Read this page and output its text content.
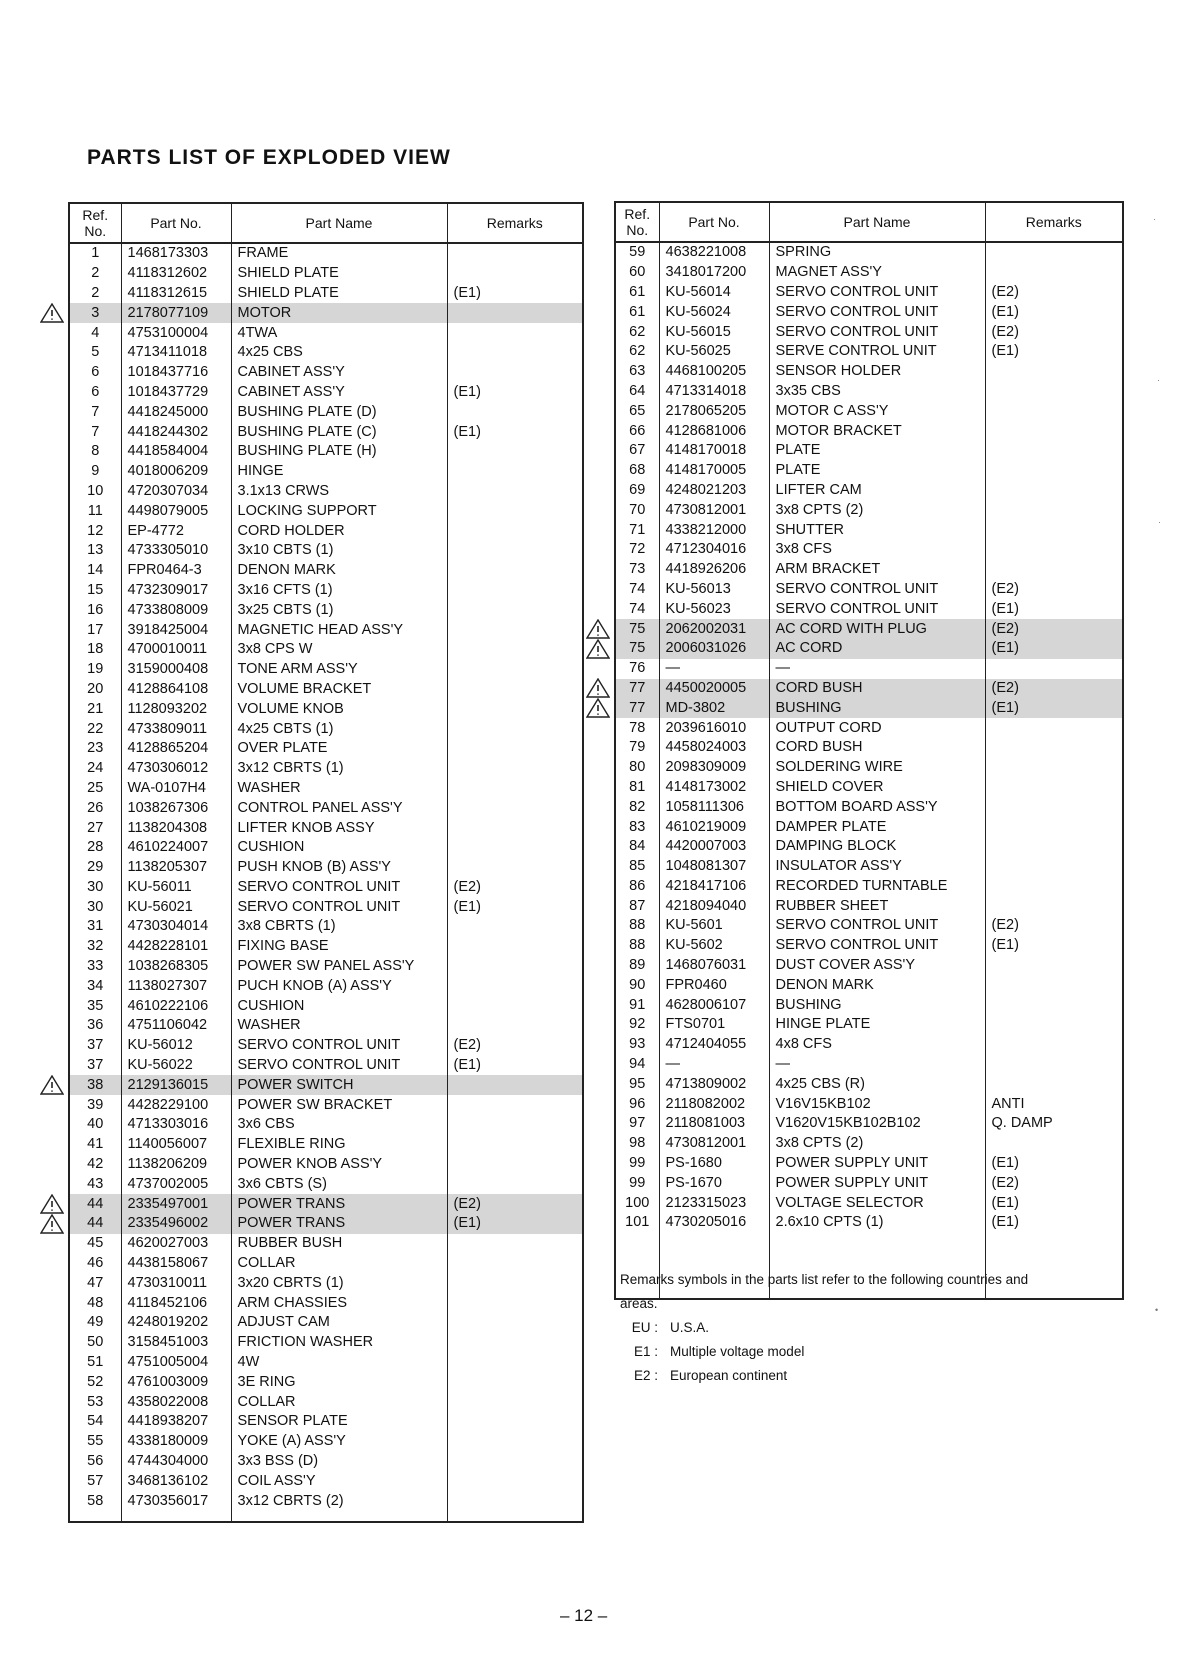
PARTS LIST OF EXPLODED VIEW
Ref. No.	Part No.	Part Name	Remarks
1	1468173303	FRAME	
2	4118312602	SHIELD PLATE	
2	4118312615	SHIELD PLATE	(E1)
3	2178077109	MOTOR	
4	4753100004	4TWA	
5	4713411018	4x25 CBS	
6	1018437716	CABINET ASS'Y	
6	1018437729	CABINET ASS'Y	(E1)
7	4418245000	BUSHING PLATE (D)	
7	4418244302	BUSHING PLATE (C)	(E1)
8	4418584004	BUSHING PLATE (H)	
9	4018006209	HINGE	
10	4720307034	3.1x13 CRWS	
11	4498079005	LOCKING SUPPORT	
12	EP-4772	CORD HOLDER	
13	4733305010	3x10 CBTS (1)	
14	FPR0464-3	DENON MARK	
15	4732309017	3x16 CFTS (1)	
16	4733808009	3x25 CBTS (1)	
17	3918425004	MAGNETIC HEAD ASS'Y	
18	4700010011	3x8 CPS W	
19	3159000408	TONE ARM ASS'Y	
20	4128864108	VOLUME BRACKET	
21	1128093202	VOLUME KNOB	
22	4733809011	4x25 CBTS (1)	
23	4128865204	OVER PLATE	
24	4730306012	3x12 CBRTS (1)	
25	WA-0107H4	WASHER	
26	1038267306	CONTROL PANEL ASS'Y	
27	1138204308	LIFTER KNOB ASSY	
28	4610224007	CUSHION	
29	1138205307	PUSH KNOB (B) ASS'Y	
30	KU-56011	SERVO CONTROL UNIT	(E2)
30	KU-56021	SERVO CONTROL UNIT	(E1)
31	4730304014	3x8 CBRTS (1)	
32	4428228101	FIXING BASE	
33	1038268305	POWER SW PANEL ASS'Y	
34	1138027307	PUCH KNOB (A) ASS'Y	
35	4610222106	CUSHION	
36	4751106042	WASHER	
37	KU-56012	SERVO CONTROL UNIT	(E2)
37	KU-56022	SERVO CONTROL UNIT	(E1)
38	2129136015	POWER SWITCH	
39	4428229100	POWER SW BRACKET	
40	4713303016	3x6 CBS	
41	1140056007	FLEXIBLE RING	
42	1138206209	POWER KNOB ASS'Y	
43	4737002005	3x6 CBTS (S)	
44	2335497001	POWER TRANS	(E2)
44	2335496002	POWER TRANS	(E1)
45	4620027003	RUBBER BUSH	
46	4438158067	COLLAR	
47	4730310011	3x20 CBRTS (1)	
48	4118452106	ARM CHASSIES	
49	4248019202	ADJUST CAM	
50	3158451003	FRICTION WASHER	
51	4751005004	4W	
52	4761003009	3E RING	
53	4358022008	COLLAR	
54	4418938207	SENSOR PLATE	
55	4338180009	YOKE (A) ASS'Y	
56	4744304000	3x3 BSS (D)	
57	3468136102	COIL ASS'Y	
58	4730356017	3x12 CBRTS (2)	

Ref. No.	Part No.	Part Name	Remarks
59	4638221008	SPRING	
60	3418017200	MAGNET ASS'Y	
61	KU-56014	SERVO CONTROL UNIT	(E2)
61	KU-56024	SERVO CONTROL UNIT	(E1)
62	KU-56015	SERVO CONTROL UNIT	(E2)
62	KU-56025	SERVE CONTROL UNIT	(E1)
63	4468100205	SENSOR HOLDER	
64	4713314018	3x35 CBS	
65	2178065205	MOTOR C ASS'Y	
66	4128681006	MOTOR BRACKET	
67	4148170018	PLATE	
68	4148170005	PLATE	
69	4248021203	LIFTER CAM	
70	4730812001	3x8 CPTS (2)	
71	4338212000	SHUTTER	
72	4712304016	3x8 CFS	
73	4418926206	ARM BRACKET	
74	KU-56013	SERVO CONTROL UNIT	(E2)
74	KU-56023	SERVO CONTROL UNIT	(E1)
75	2062002031	AC CORD WITH PLUG	(E2)
75	2006031026	AC CORD	(E1)
76	—	—	
77	4450020005	CORD BUSH	(E2)
77	MD-3802	BUSHING	(E1)
78	2039616010	OUTPUT CORD	
79	4458024003	CORD BUSH	
80	2098309009	SOLDERING WIRE	
81	4148173002	SHIELD COVER	
82	1058111306	BOTTOM BOARD ASS'Y	
83	4610219009	DAMPER PLATE	
84	4420007003	DAMPING BLOCK	
85	1048081307	INSULATOR ASS'Y	
86	4218417106	RECORDED TURNTABLE	
87	4218094040	RUBBER SHEET	
88	KU-5601	SERVO CONTROL UNIT	(E2)
88	KU-5602	SERVO CONTROL UNIT	(E1)
89	1468076031	DUST COVER ASS'Y	
90	FPR0460	DENON MARK	
91	4628006107	BUSHING	
92	FTS0701	HINGE PLATE	
93	4712404055	4x8 CFS	
94	—	—	
95	4713809002	4x25 CBS (R)	
96	2118082002	V16V15KB102	ANTI
97	2118081003	V1620V15KB102B102	Q. DAMP
98	4730812001	3x8 CPTS (2)	
99	PS-1680	POWER SUPPLY UNIT	(E1)
99	PS-1670	POWER SUPPLY UNIT	(E2)
100	2123315023	VOLTAGE SELECTOR	(E1)
101	4730205016	2.6x10 CPTS (1)	(E1)

Remarks symbols in the parts list refer to the following countries and
areas.
EU : U.S.A.
E1 : Multiple voltage model
E2 : European continent
– 12 –
·
·
·
•
